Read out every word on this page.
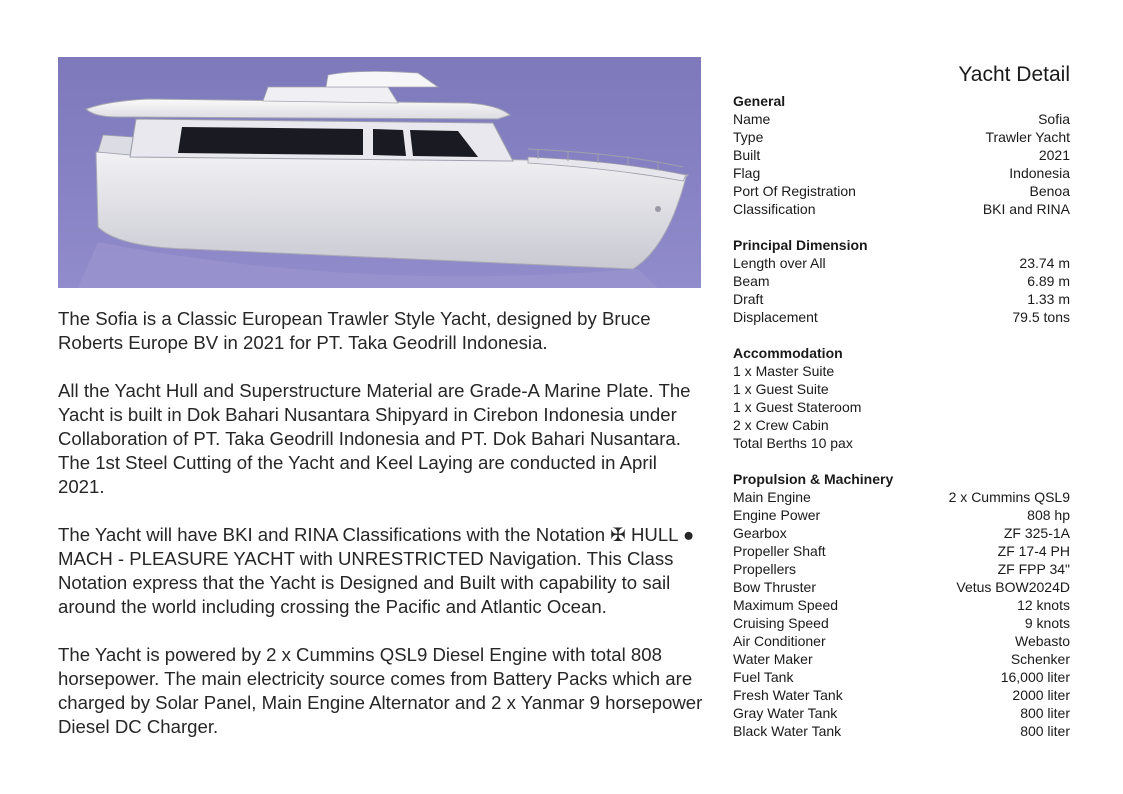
The Sofia is a Classic European Trawler Style Yacht, designed by Bruce Roberts Europe BV in 2021 for PT. Taka Geodrill Indonesia.

All the Yacht Hull and Superstructure Material are Grade-A Marine Plate. The Yacht is built in Dok Bahari Nusantara Shipyard in Cirebon Indonesia under Collaboration of PT. Taka Geodrill Indonesia and PT. Dok Bahari Nusantara. The 1st Steel Cutting of the Yacht and Keel Laying are conducted in April 2021.

The Yacht will have BKI and RINA Classifications with the Notation ✠ HULL ● MACH - PLEASURE YACHT with UNRESTRICTED Navigation. This Class Notation express that the Yacht is Designed and Built with capability to sail around the world including crossing the Pacific and Atlantic Ocean.

The Yacht is powered by 2 x Cummins QSL9 Diesel Engine with total 808 horsepower. The main electricity source comes from Battery Packs which are charged by Solar Panel, Main Engine Alternator and 2 x Yanmar 9 horsepower Diesel DC Charger.

Yacht Detail
General
Name	Sofia
Type	Trawler Yacht
Built	2021
Flag	Indonesia
Port Of Registration	Benoa
Classification	BKI and RINA
Principal Dimension
Length over All	23.74 m
Beam	6.89 m
Draft	1.33 m
Displacement	79.5 tons
Accommodation
1 x Master Suite
1 x Guest Suite
1 x Guest Stateroom
2 x Crew Cabin
Total Berths 10 pax
Propulsion & Machinery
Main Engine	2 x Cummins QSL9
Engine Power	808 hp
Gearbox	ZF 325-1A
Propeller Shaft	ZF 17-4 PH
Propellers	ZF FPP 34"
Bow Thruster	Vetus BOW2024D
Maximum Speed	12 knots
Cruising Speed	9 knots
Air Conditioner	Webasto
Water Maker	Schenker
Fuel Tank	16,000 liter
Fresh Water Tank	2000 liter
Gray Water Tank	800 liter
Black Water Tank	800 liter
